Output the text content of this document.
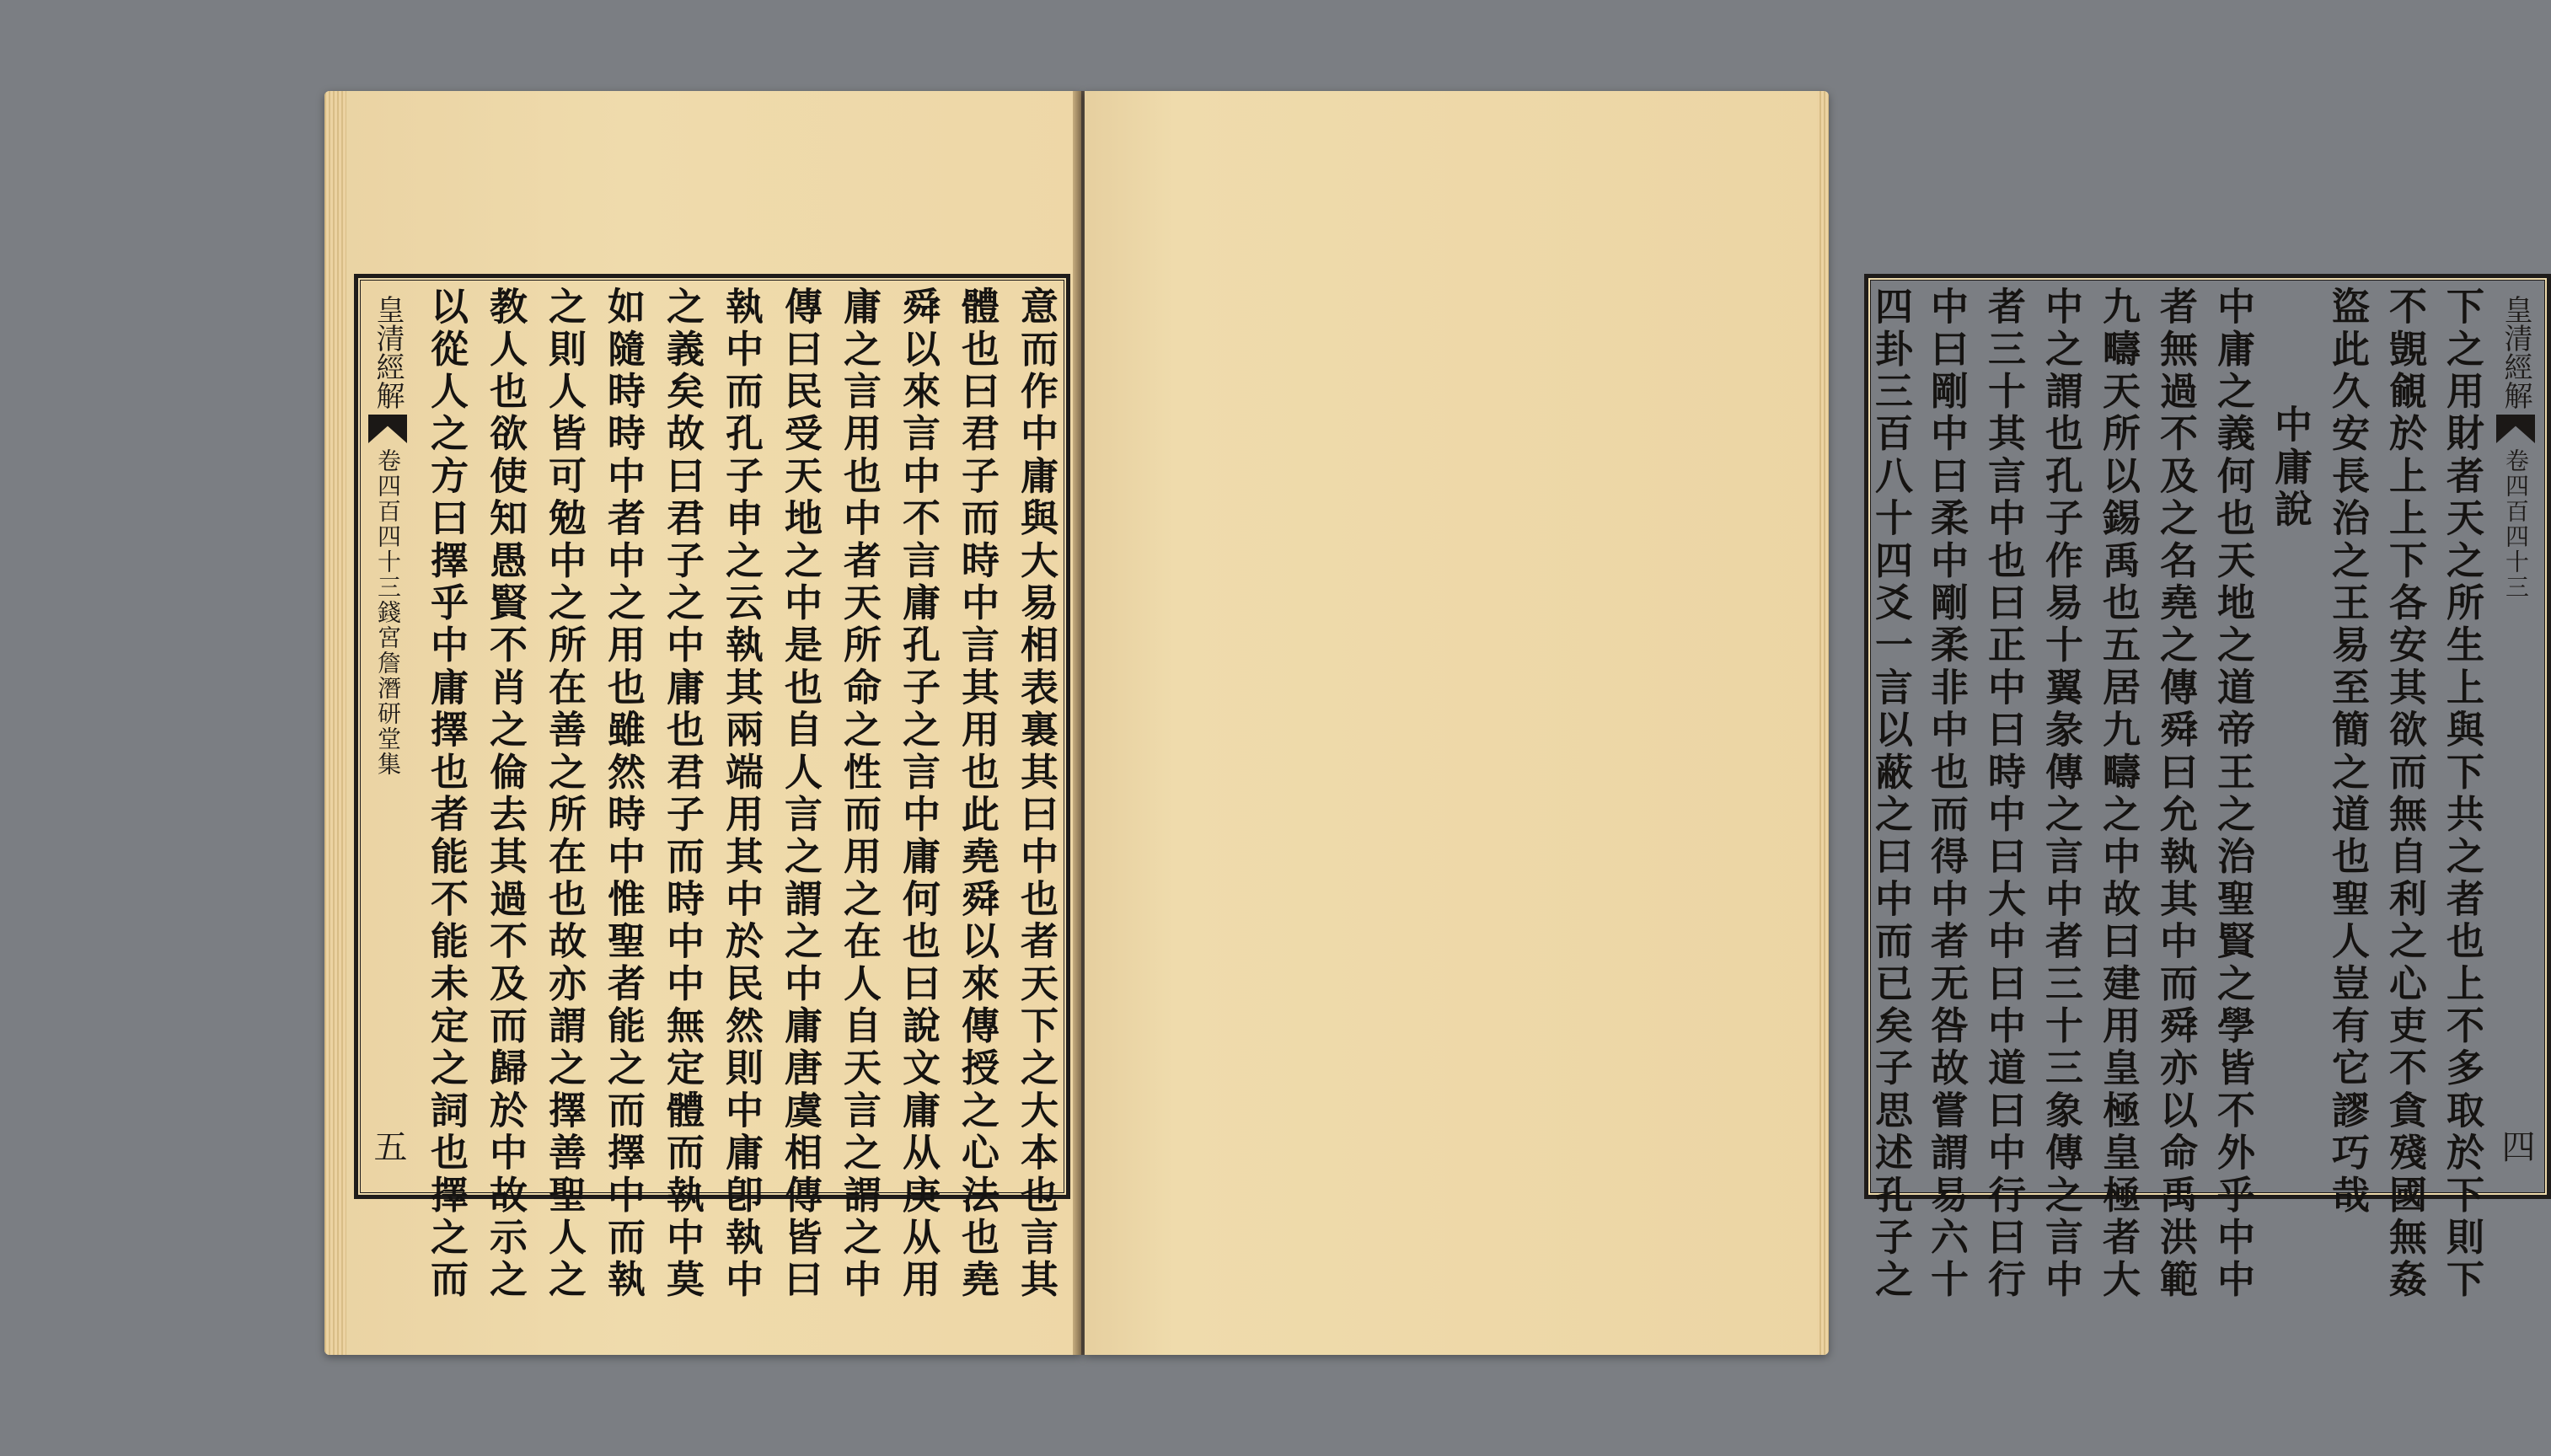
意而作中庸與大易相表裏其曰中也者天下之大本也言其
體也曰君子而時中言其用也此堯舜以來傳授之心法也堯
舜以來言中不言庸孔子之言中庸何也曰說文庸从庚从用
庸之言用也中者天所命之性而用之在人自天言之謂之中
傳曰民受天地之中是也自人言之謂之中庸唐虞相傳皆曰
執中而孔子申之云執其兩端用其中於民然則中庸卽執中
之義矣故曰君子之中庸也君子而時中中無定體而執中莫
如隨時時中者中之用也雖然時中惟聖者能之而擇中而執
之則人皆可勉中之所在善之所在也故亦謂之擇善聖人之
教人也欲使知愚賢不肖之倫去其過不及而歸於中故示之
以從人之方曰擇乎中庸擇也者能不能未定之詞也擇之而
皇清經解卷四百四十三錢宮詹潛研堂集
五
皇清經解卷四百四十三
四
下之用財者天之所生上與下共之者也上不多取於下則下
不覬覦於上上下各安其欲而無自利之心吏不貪殘國無姦
盜此久安長治之王易至簡之道也聖人豈有它謬巧哉
中庸說
中庸之義何也天地之道帝王之治聖賢之學皆不外乎中中
者無過不及之名堯之傳舜曰允執其中而舜亦以命禹洪範
九疇天所以錫禹也五居九疇之中故曰建用皇極皇極者大
中之謂也孔子作易十翼彖傳之言中者三十三象傳之言中
者三十其言中也曰正中曰時中曰大中曰中道曰中行曰行
中曰剛中曰柔中剛柔非中也而得中者无咎故嘗謂易六十
四卦三百八十四爻一言以蔽之曰中而已矣子思述孔子之
